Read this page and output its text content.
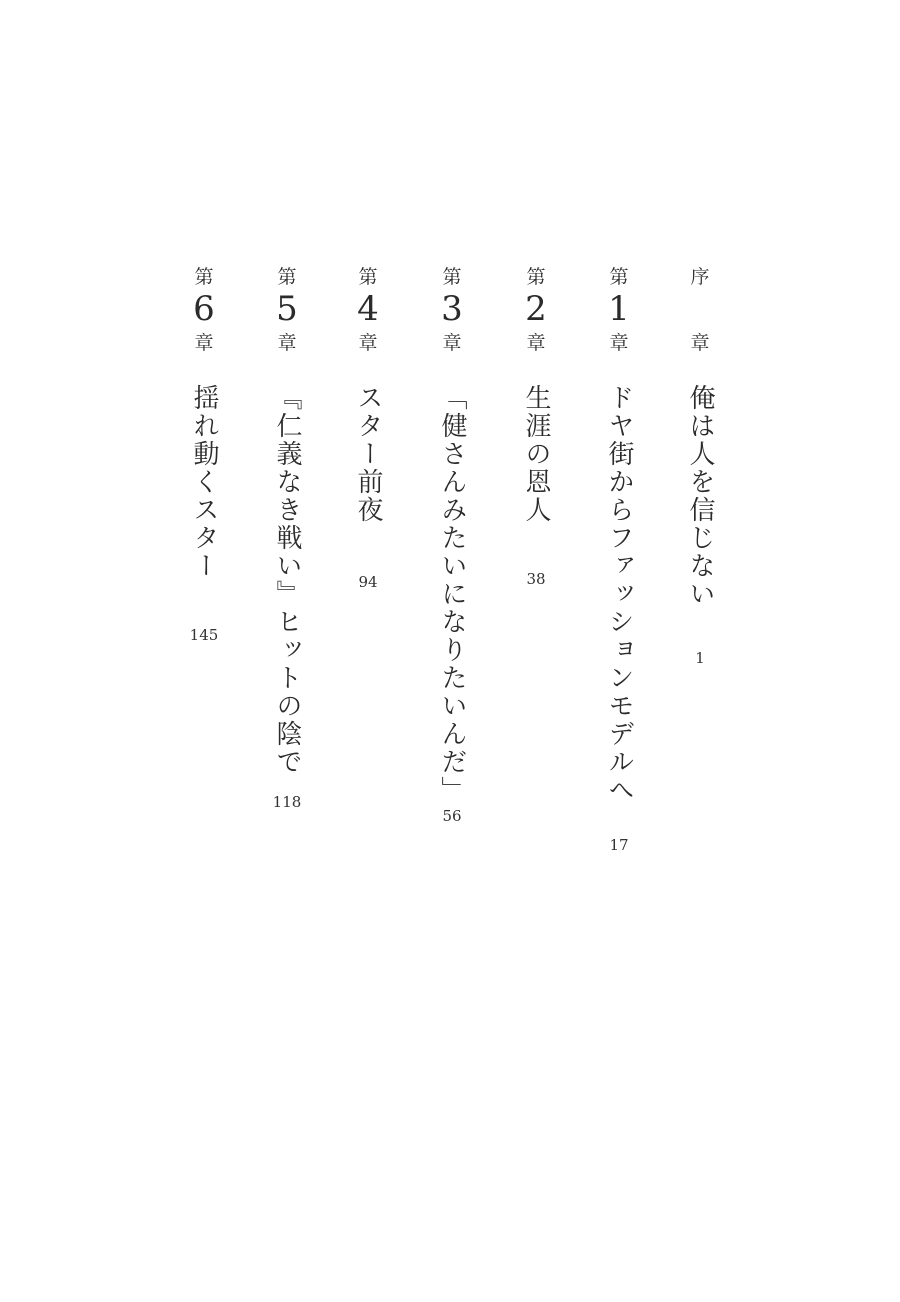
序
章
俺は人を信じない
1
第
1
章
ドヤ街からファッションモデルへ
17
第
2
章
生涯の恩人
38
第
3
章
「健さんみたいになりたいんだ」
56
第
4
章
スター前夜
94
第
5
章
『仁義なき戦い』ヒットの陰で
118
第
6
章
揺れ動くスター
145
